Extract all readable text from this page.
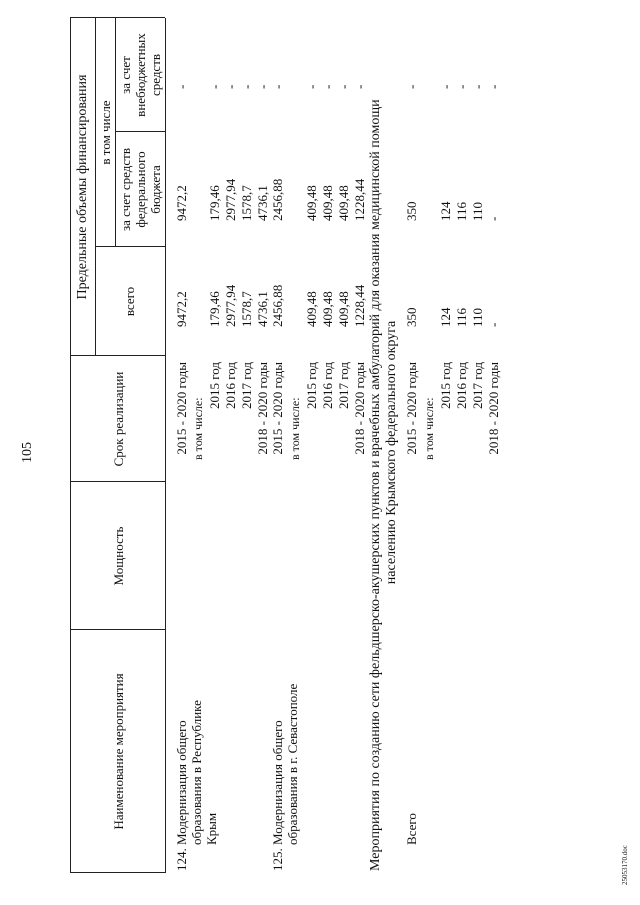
105
Наименование мероприятия
Мощность
Срок реализации
Предельные объемы финансирования
всего
в том числе
за счет средств федерального бюджета
за счет внебюджетных средств
124.
Модернизация общего образования в Республике Крым
2015 - 2020 годы
9472,2
9472,2
-
в том числе:
2015 год
179,46
179,46
-
2016 год
2977,94
2977,94
-
2017 год
1578,7
1578,7
-
2018 - 2020 годы
4736,1
4736,1
-
125.
Модернизация общего образования в г. Севастополе
2015 - 2020 годы
2456,88
2456,88
-
в том числе:
2015 год
409,48
409,48
-
2016 год
409,48
409,48
-
2017 год
409,48
409,48
-
2018 - 2020 годы
1228,44
1228,44
-
Мероприятия по созданию сети фельдшерско-акушерских пунктов и врачебных амбулаторий для оказания медицинской помощи населению Крымского федерального округа
Всего
2015 - 2020 годы
350
350
-
в том числе:
2015 год
124
124
-
2016 год
116
116
-
2017 год
110
110
-
2018 - 2020 годы
-
-
-
25053170.doc
